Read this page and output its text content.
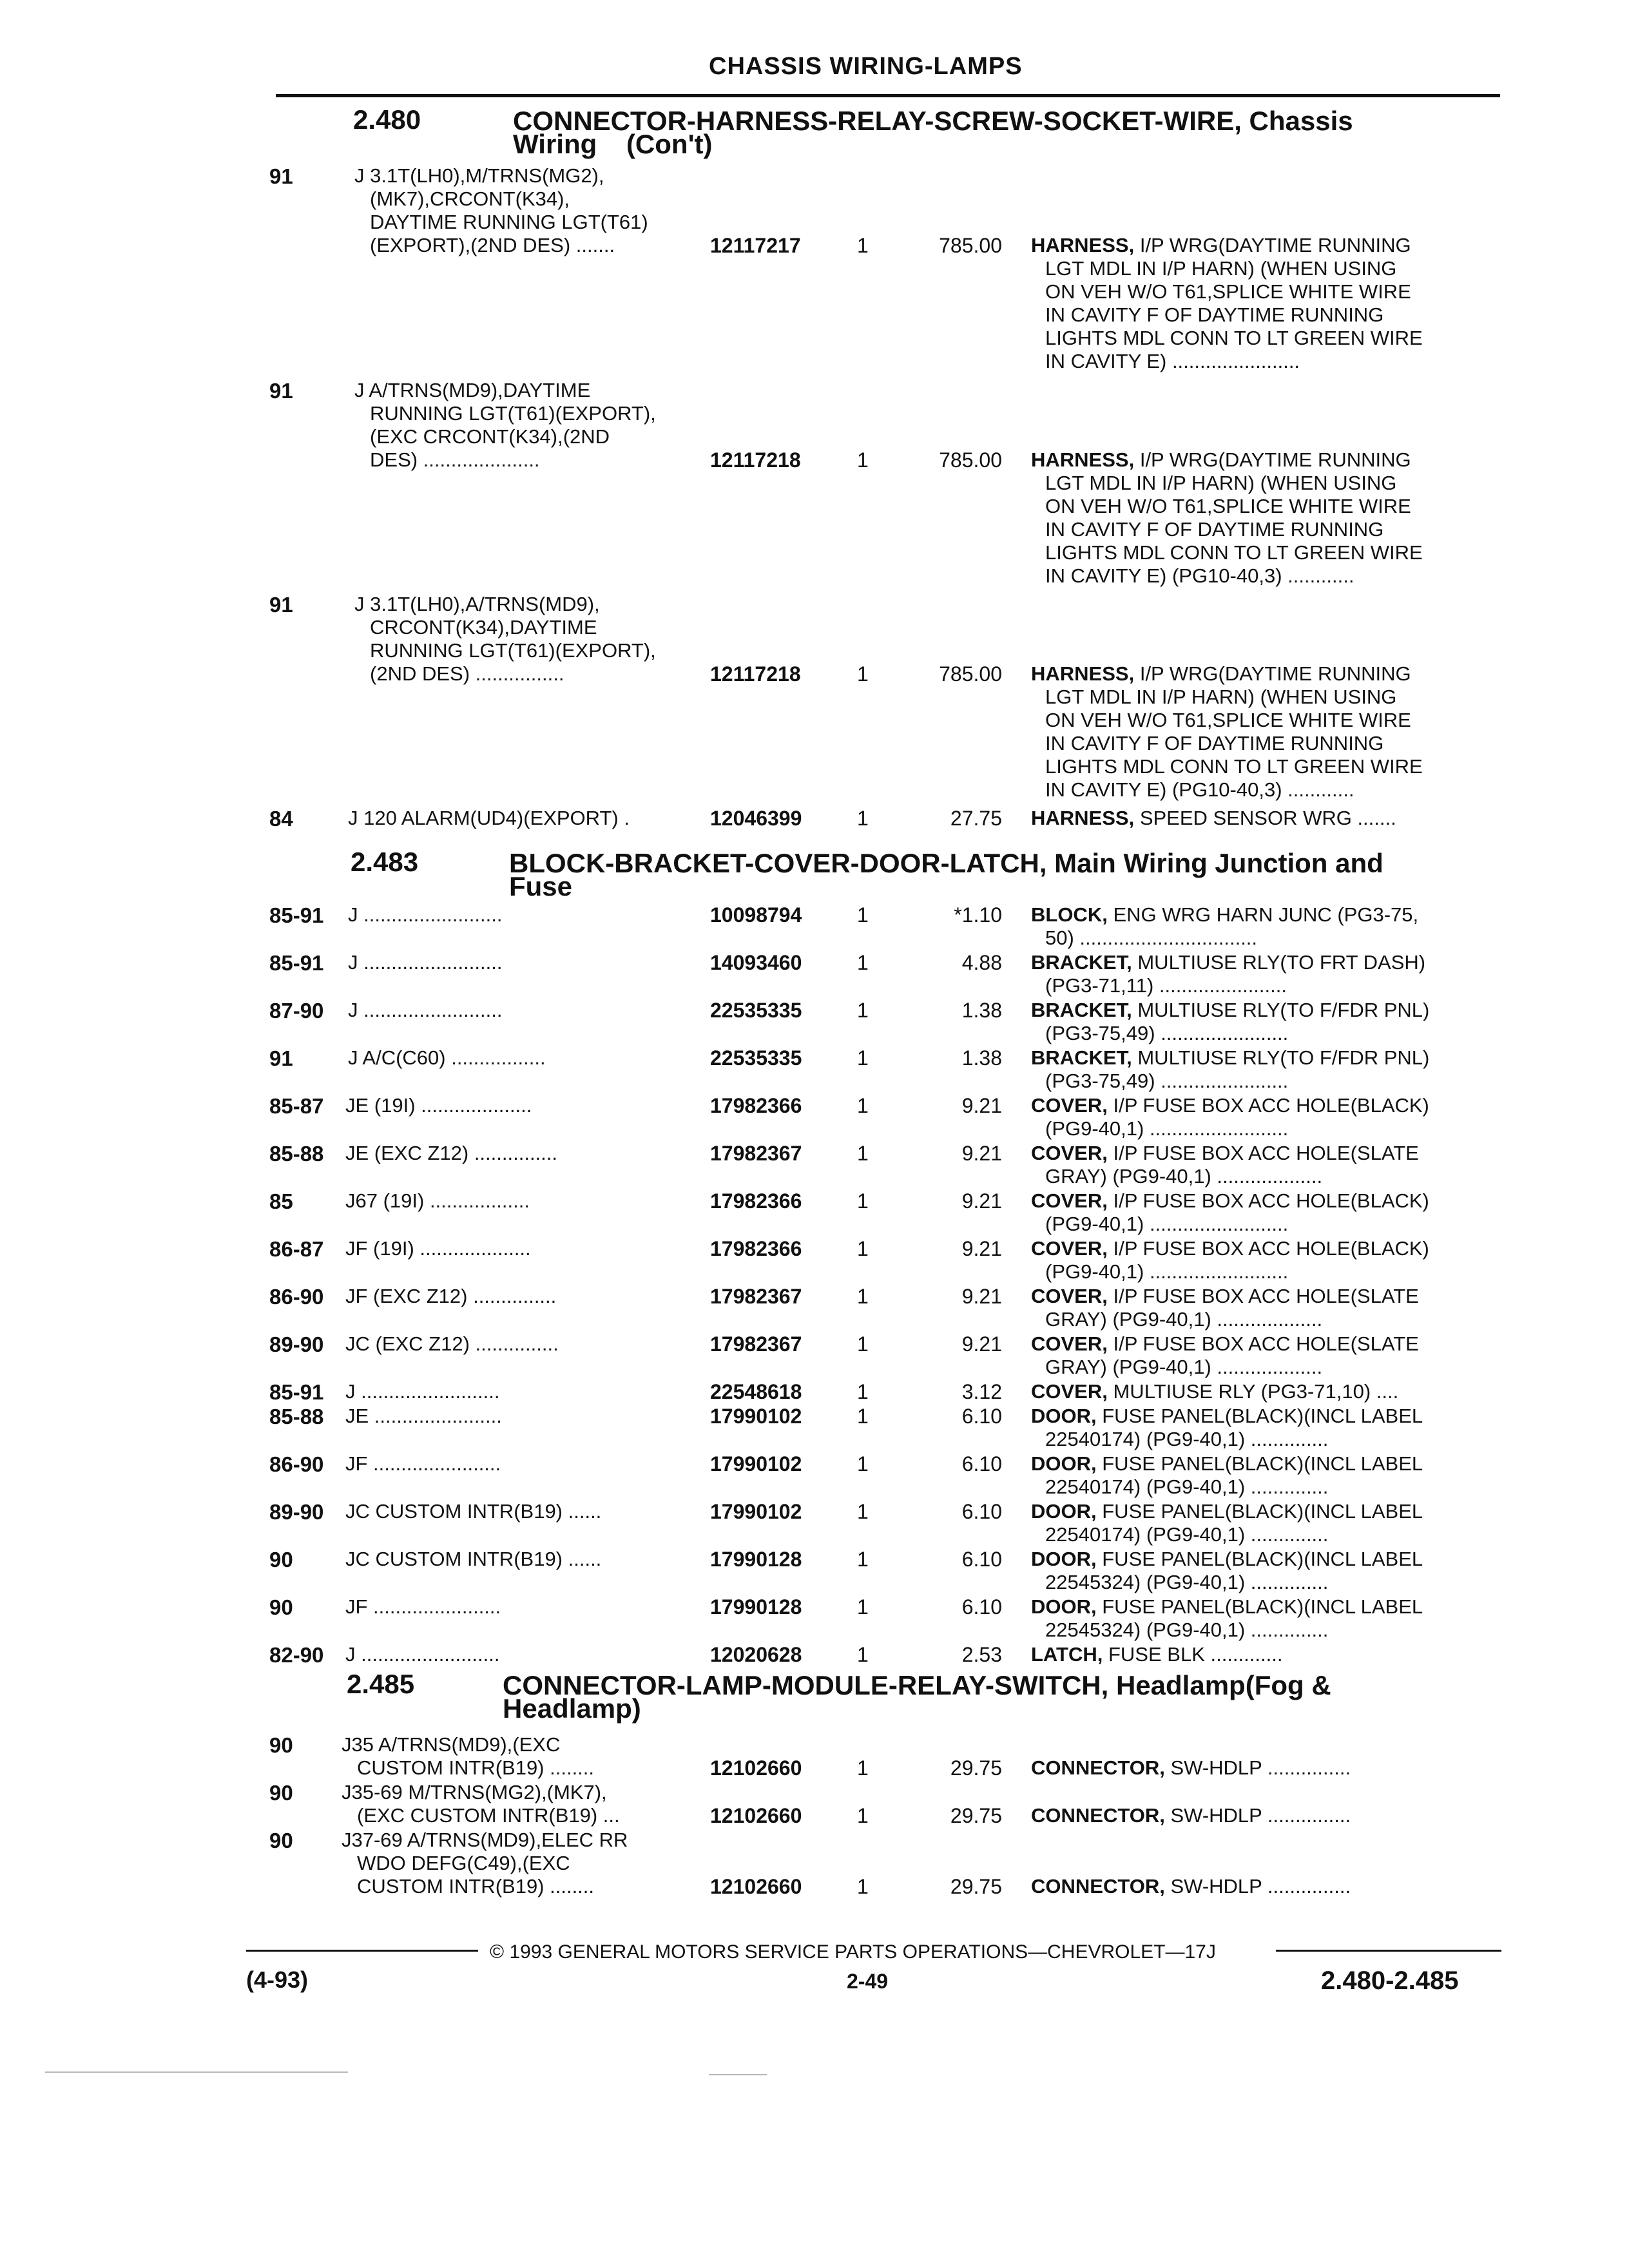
CHASSIS WIRING-LAMPS
2.480	CONNECTOR-HARNESS-RELAY-SCREW-SOCKET-WIRE, Chassis
Wiring (Con't)
2.483	BLOCK-BRACKET-COVER-DOOR-LATCH, Main Wiring Junction and
Fuse
2.485	CONNECTOR-LAMP-MODULE-RELAY-SWITCH, Headlamp(Fog &
Headlamp)
91	J 3.1T(LH0),M/TRNS(MG2),
(MK7),CRCONT(K34),
DAYTIME RUNNING LGT(T61)
(EXPORT),(2ND DES) .......	12117217	1	785.00 HARNESS, I/P WRG(DAYTIME RUNNING
LGT MDL IN I/P HARN) (WHEN USING
ON VEH W/O T61,SPLICE WHITE WIRE
IN CAVITY F OF DAYTIME RUNNING
LIGHTS MDL CONN TO LT GREEN WIRE
IN CAVITY E) .......................
91	J A/TRNS(MD9),DAYTIME
RUNNING LGT(T61)(EXPORT),
(EXC CRCONT(K34),(2ND
DES) .....................	12117218	1	785.00 HARNESS, I/P WRG(DAYTIME RUNNING
LGT MDL IN I/P HARN) (WHEN USING
ON VEH W/O T61,SPLICE WHITE WIRE
IN CAVITY F OF DAYTIME RUNNING
LIGHTS MDL CONN TO LT GREEN WIRE
IN CAVITY E) (PG10-40,3) ............
91	J 3.1T(LH0),A/TRNS(MD9),
CRCONT(K34),DAYTIME
RUNNING LGT(T61)(EXPORT),
(2ND DES) ................	12117218	1	785.00 HARNESS, I/P WRG(DAYTIME RUNNING
LGT MDL IN I/P HARN) (WHEN USING
ON VEH W/O T61,SPLICE WHITE WIRE
IN CAVITY F OF DAYTIME RUNNING
LIGHTS MDL CONN TO LT GREEN WIRE
IN CAVITY E) (PG10-40,3) ............
84	J 120 ALARM(UD4)(EXPORT) .	12046399	1	27.75 HARNESS, SPEED SENSOR WRG .......
85-91 J .........................	10098794	1	*1.10 BLOCK, ENG WRG HARN JUNC (PG3-75,
50) ................................
85-91 J .........................	14093460	1	4.88 BRACKET, MULTIUSE RLY(TO FRT DASH)
(PG3-71,11) .......................
87-90 J .........................	22535335	1	1.38 BRACKET, MULTIUSE RLY(TO F/FDR PNL)
(PG3-75,49) .......................
91	J A/C(C60) .................	22535335	1	1.38 BRACKET, MULTIUSE RLY(TO F/FDR PNL)
(PG3-75,49) .......................
85-87 JE (19I) ....................	17982366	1	9.21 COVER, I/P FUSE BOX ACC HOLE(BLACK)
(PG9-40,1) .........................
85-88 JE (EXC Z12) ...............	17982367	1	9.21 COVER, I/P FUSE BOX ACC HOLE(SLATE
GRAY) (PG9-40,1) ...................
85	J67 (19I) ..................	17982366	1	9.21 COVER, I/P FUSE BOX ACC HOLE(BLACK)
(PG9-40,1) .........................
86-87 JF (19I) ....................	17982366	1	9.21 COVER, I/P FUSE BOX ACC HOLE(BLACK)
(PG9-40,1) .........................
86-90 JF (EXC Z12) ...............	17982367	1	9.21 COVER, I/P FUSE BOX ACC HOLE(SLATE
GRAY) (PG9-40,1) ...................
89-90 JC (EXC Z12) ...............	17982367	1	9.21 COVER, I/P FUSE BOX ACC HOLE(SLATE
GRAY) (PG9-40,1) ...................
85-91 J .........................	22548618	1	3.12 COVER, MULTIUSE RLY (PG3-71,10) ....
85-88 JE .......................	17990102	1	6.10 DOOR, FUSE PANEL(BLACK)(INCL LABEL
22540174) (PG9-40,1) ..............
86-90 JF .......................	17990102	1	6.10 DOOR, FUSE PANEL(BLACK)(INCL LABEL
22540174) (PG9-40,1) ..............
89-90 JC CUSTOM INTR(B19) ......	17990102	1	6.10 DOOR, FUSE PANEL(BLACK)(INCL LABEL
22540174) (PG9-40,1) ..............
90	JC CUSTOM INTR(B19) ......	17990128	1	6.10 DOOR, FUSE PANEL(BLACK)(INCL LABEL
22545324) (PG9-40,1) ..............
90	JF .......................	17990128	1	6.10 DOOR, FUSE PANEL(BLACK)(INCL LABEL
22545324) (PG9-40,1) ..............
82-90 J .........................	12020628	1	2.53 LATCH, FUSE BLK .............
90 J35 A/TRNS(MD9),(EXC
CUSTOM INTR(B19) ........	12102660	1	29.75 CONNECTOR, SW-HDLP ...............
90 J35-69 M/TRNS(MG2),(MK7),
(EXC CUSTOM INTR(B19) ...	12102660	1	29.75 CONNECTOR, SW-HDLP ...............
90 J37-69 A/TRNS(MD9),ELEC RR
WDO DEFG(C49),(EXC
CUSTOM INTR(B19) ........	12102660	1	29.75 CONNECTOR, SW-HDLP ...............
© 1993 GENERAL MOTORS SERVICE PARTS OPERATIONS—CHEVROLET—17J
(4-93)	2-49	2.480-2.485
